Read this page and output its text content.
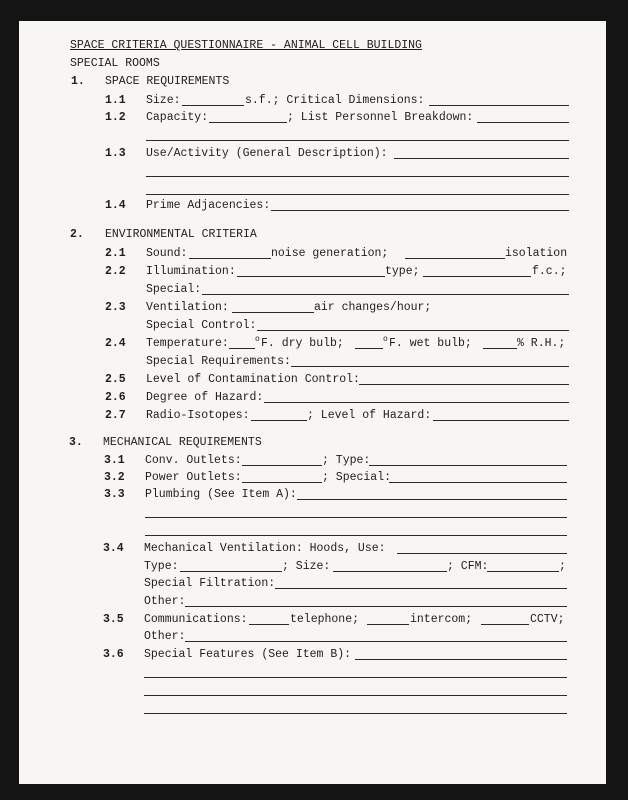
SPACE CRITERIA QUESTIONNAIRE - ANIMAL CELL BUILDING
SPECIAL ROOMS
1. SPACE REQUIREMENTS
1.1 Size:	s.f.; Critical Dimensions:
1.2 Capacity:	; List Personnel Breakdown:
1.3 Use/Activity (General Description):
1.4 Prime Adjacencies:
2. ENVIRONMENTAL CRITERIA
2.1 Sound:	noise generation;	isolation
2.2 Illumination:	type;	f.c.;
Special:
2.3 Ventilation:	air changes/hour;
Special Control:
2.4 Temperature:	o F. dry bulb;	o F. wet bulb;	% R.H.;
Special Requirements:
2.5 Level of Contamination Control:
2.6 Degree of Hazard:
2.7 Radio-Isotopes:	; Level of Hazard:
3. MECHANICAL REQUIREMENTS
3.1 Conv. Outlets:	; Type:
3.2 Power Outlets:	; Special:
3.3 Plumbing (See Item A):
3.4 Mechanical Ventilation: Hoods, Use:
Type:	; Size:	; CFM:	;
Special Filtration:
Other:
3.5 Communications:	telephone;	intercom;	CCTV;
Other:
3.6 Special Features (See Item B):
